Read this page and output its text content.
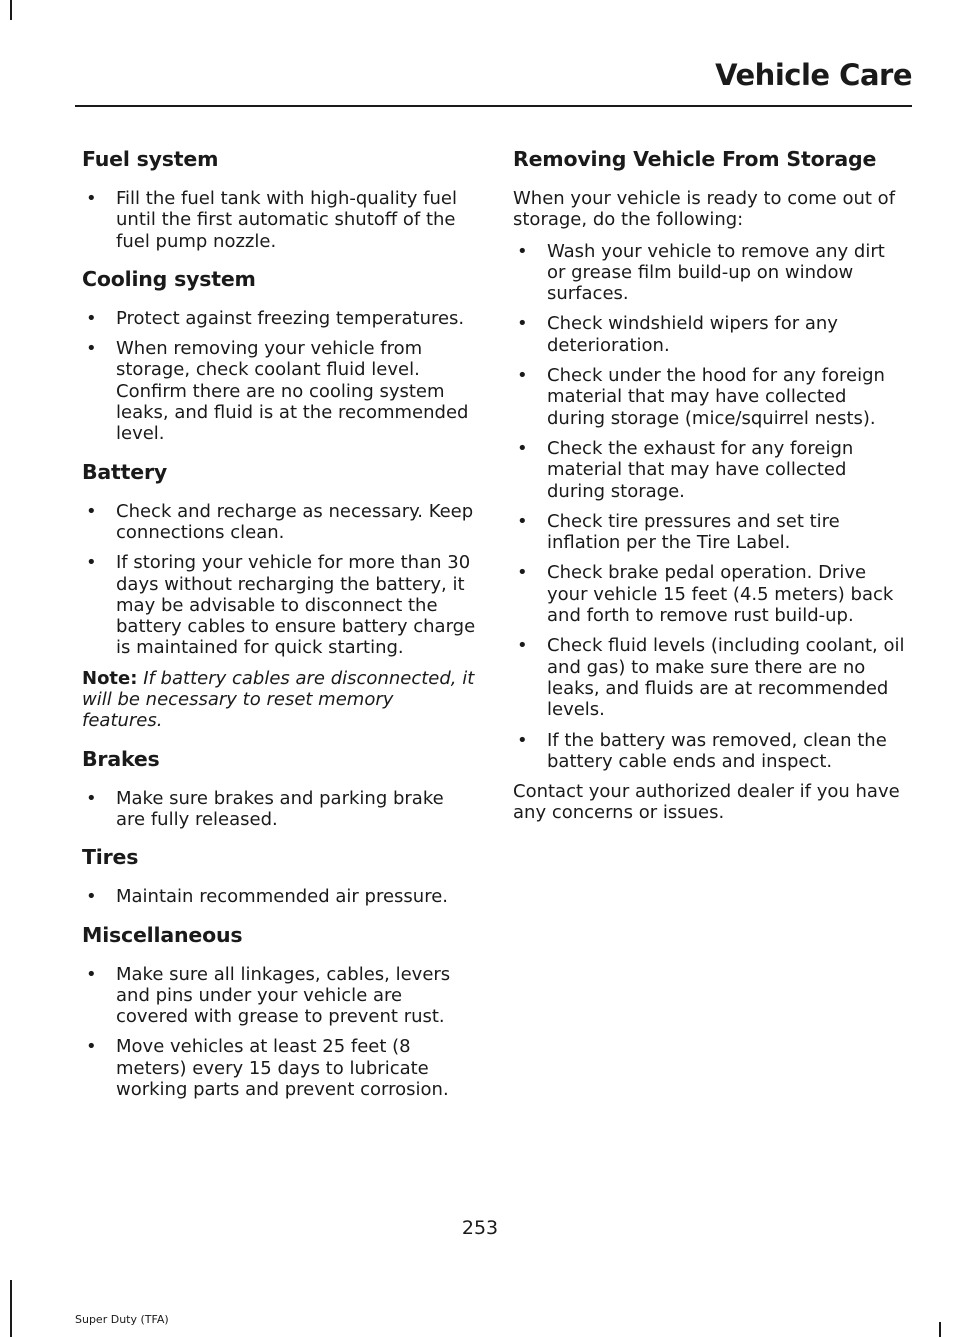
Vehicle Care
Fuel system
• Fill the fuel tank with high-quality fuel until the first automatic shutoff of the fuel pump nozzle.
Cooling system
• Protect against freezing temperatures.
• When removing your vehicle from storage, check coolant fluid level. Confirm there are no cooling system leaks, and fluid is at the recommended level.
Battery
• Check and recharge as necessary. Keep connections clean.
• If storing your vehicle for more than 30 days without recharging the battery, it may be advisable to disconnect the battery cables to ensure battery charge is maintained for quick starting.

Note: If battery cables are disconnected, it will be necessary to reset memory features.

Brakes
• Make sure brakes and parking brake are fully released.
Tires
• Maintain recommended air pressure.
Miscellaneous
• Make sure all linkages, cables, levers and pins under your vehicle are covered with grease to prevent rust.
• Move vehicles at least 25 feet (8 meters) every 15 days to lubricate working parts and prevent corrosion.
Removing Vehicle From Storage

When your vehicle is ready to come out of storage, do the following:

• Wash your vehicle to remove any dirt or grease film build-up on window surfaces.
• Check windshield wipers for any deterioration.
• Check under the hood for any foreign material that may have collected during storage (mice/squirrel nests).
• Check the exhaust for any foreign material that may have collected during storage.
• Check tire pressures and set tire inflation per the Tire Label.
• Check brake pedal operation. Drive your vehicle 15 feet (4.5 meters) back and forth to remove rust build-up.
• Check fluid levels (including coolant, oil and gas) to make sure there are no leaks, and fluids are at recommended levels.
• If the battery was removed, clean the battery cable ends and inspect.

Contact your authorized dealer if you have any concerns or issues.

253
Super Duty (TFA)
